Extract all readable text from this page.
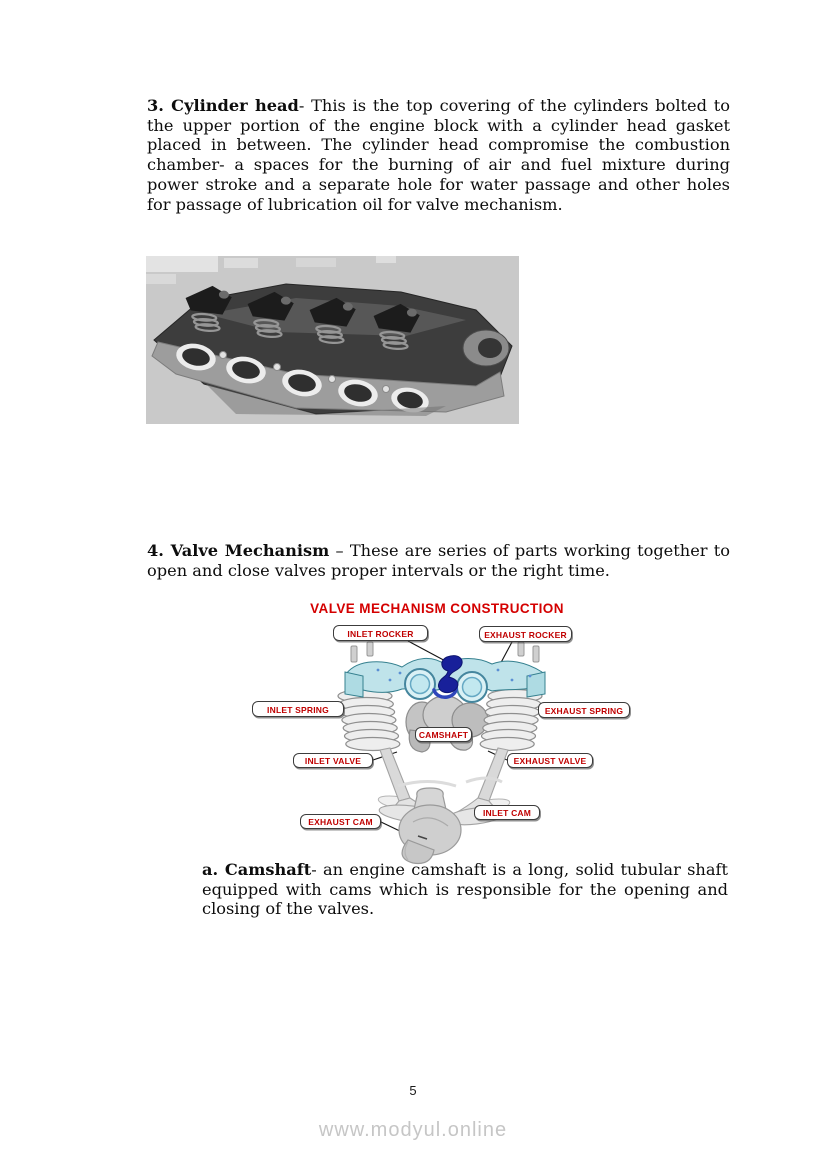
3. Cylinder head- This is the top covering of the cylinders bolted to the upper portion of the engine block with a cylinder head gasket placed in between. The cylinder head compromise the combustion chamber- a spaces for the burning of air and fuel mixture during power stroke and a separate hole for water passage and other holes for passage of lubrication oil for valve mechanism.

4. Valve Mechanism – These are series of parts working together to open and close valves proper intervals or the right time.

VALVE MECHANISM CONSTRUCTION
INLET ROCKER	EXHAUST ROCKER
INLET SPRING	EXHAUST SPRING
CAMSHAFT
INLET VALVE	EXHAUST VALVE
EXHAUST CAM
INLET CAM

a. Camshaft- an engine camshaft is a long, solid tubular shaft equipped with cams which is responsible for the opening and closing of the valves.

5
www.modyul.online
